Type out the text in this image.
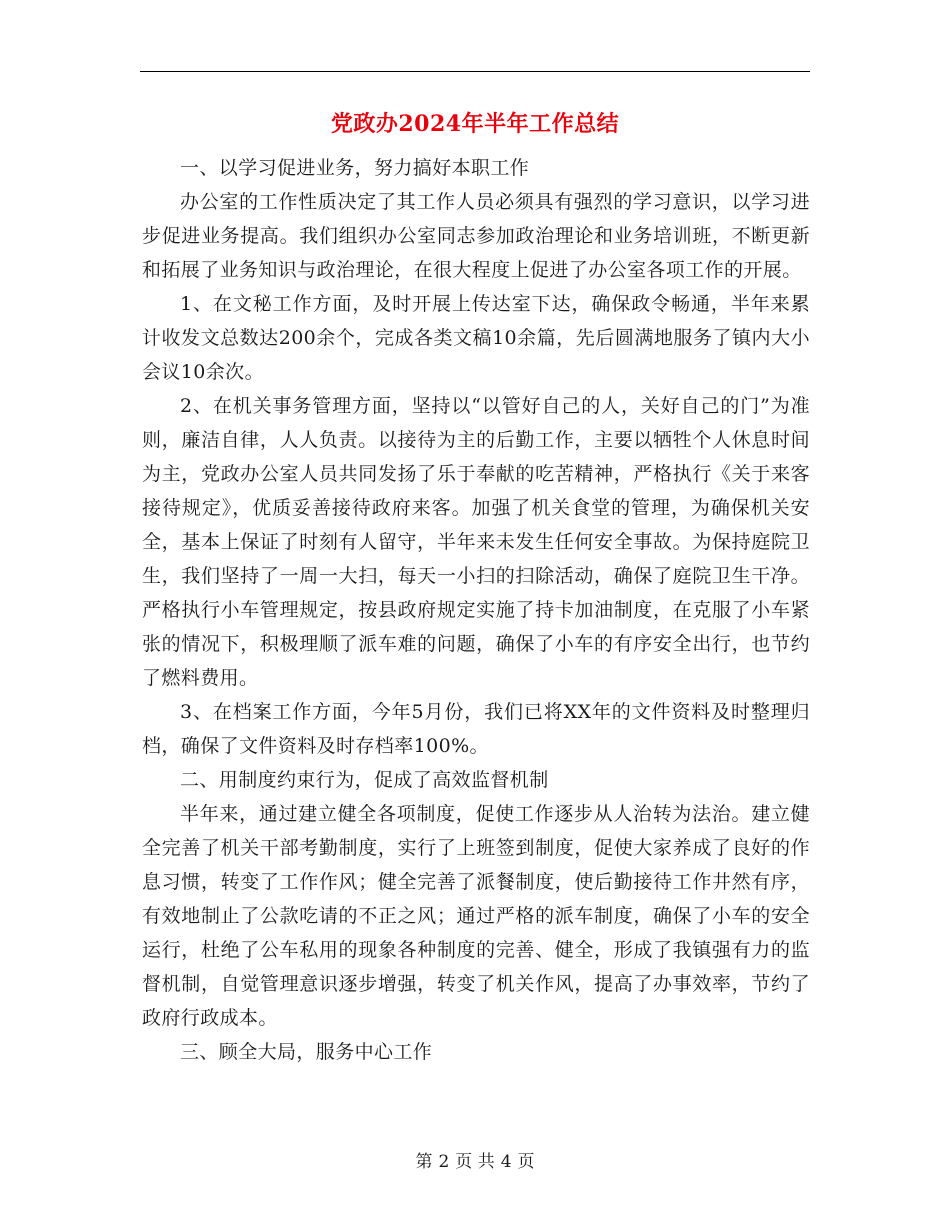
党政办2024年半年工作总结

一、以学习促进业务，努力搞好本职工作

办公室的工作性质决定了其工作人员必须具有强烈的学习意识，以学习进步促进业务提高。我们组织办公室同志参加政治理论和业务培训班，不断更新和拓展了业务知识与政治理论，在很大程度上促进了办公室各项工作的开展。

1、在文秘工作方面，及时开展上传达室下达，确保政令畅通，半年来累计收发文总数达200余个，完成各类文稿10余篇，先后圆满地服务了镇内大小会议10余次。

2、在机关事务管理方面，坚持以“以管好自己的人，关好自己的门”为准则，廉洁自律，人人负责。以接待为主的后勤工作，主要以牺牲个人休息时间为主，党政办公室人员共同发扬了乐于奉献的吃苦精神，严格执行《关于来客接待规定》，优质妥善接待政府来客。加强了机关食堂的管理，为确保机关安全，基本上保证了时刻有人留守，半年来未发生任何安全事故。为保持庭院卫生，我们坚持了一周一大扫，每天一小扫的扫除活动，确保了庭院卫生干净。严格执行小车管理规定，按县政府规定实施了持卡加油制度，在克服了小车紧张的情况下，积极理顺了派车难的问题，确保了小车的有序安全出行，也节约了燃料费用。

3、在档案工作方面，今年5月份，我们已将XX年的文件资料及时整理归档，确保了文件资料及时存档率100%。

二、用制度约束行为，促成了高效监督机制

半年来，通过建立健全各项制度，促使工作逐步从人治转为法治。建立健全完善了机关干部考勤制度，实行了上班签到制度，促使大家养成了良好的作息习惯，转变了工作作风；健全完善了派餐制度，使后勤接待工作井然有序，有效地制止了公款吃请的不正之风；通过严格的派车制度，确保了小车的安全运行，杜绝了公车私用的现象各种制度的完善、健全，形成了我镇强有力的监督机制，自觉管理意识逐步增强，转变了机关作风，提高了办事效率，节约了政府行政成本。

三、顾全大局，服务中心工作

第 2 页 共 4 页
